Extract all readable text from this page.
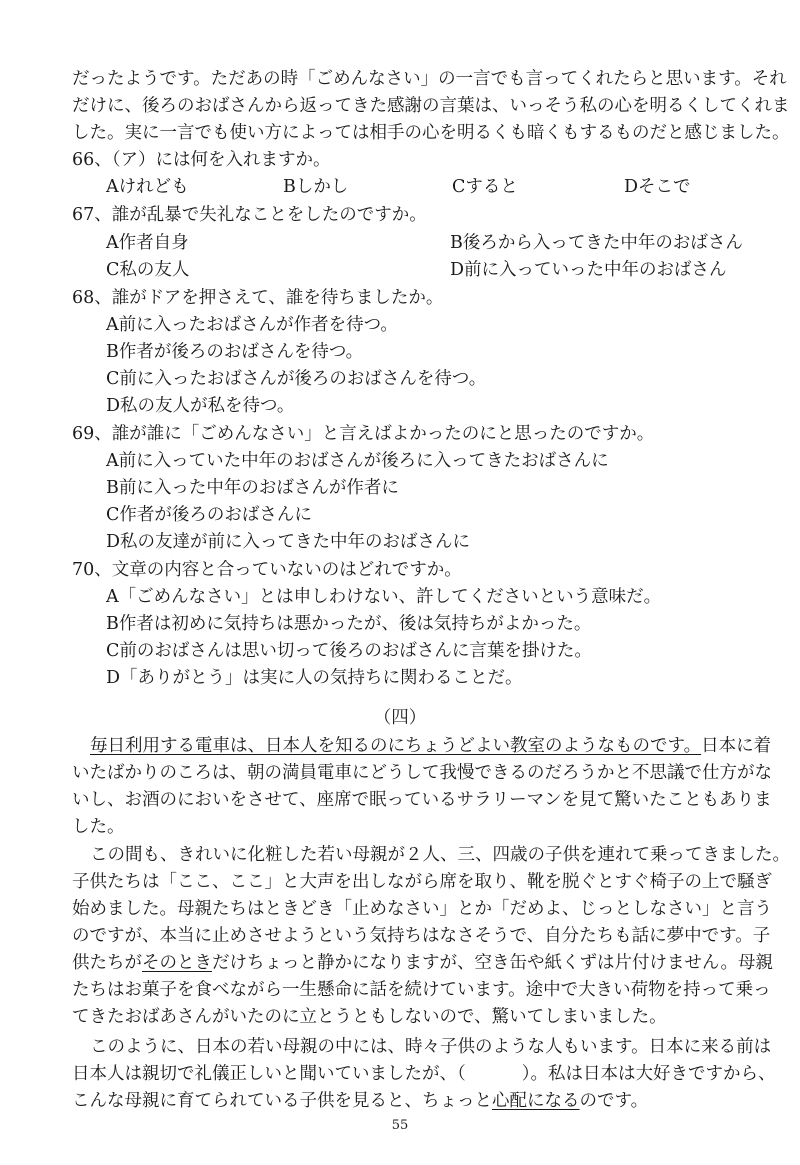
だったようです。ただあの時「ごめんなさい」の一言でも言ってくれたらと思います。それ
だけに、後ろのおばさんから返ってきた感謝の言葉は、いっそう私の心を明るくしてくれま
した。実に一言でも使い方によっては相手の心を明るくも暗くもするものだと感じました。

66、（ア）には何を入れますか。

Aけれども	Bしかし	Cすると	Dそこで

67、誰が乱暴で失礼なことをしたのですか。

A作者自身	B後ろから入ってきた中年のおばさん

C私の友人	D前に入っていった中年のおばさん

68、誰がドアを押さえて、誰を待ちましたか。

A前に入ったおばさんが作者を待つ。

B作者が後ろのおばさんを待つ。

C前に入ったおばさんが後ろのおばさんを待つ。

D私の友人が私を待つ。

69、誰が誰に「ごめんなさい」と言えばよかったのにと思ったのですか。

A前に入っていた中年のおばさんが後ろに入ってきたおばさんに

B前に入った中年のおばさんが作者に

C作者が後ろのおばさんに

D私の友達が前に入ってきた中年のおばさんに

70、文章の内容と合っていないのはどれですか。

A「ごめんなさい」とは申しわけない、許してくださいという意味だ。

B作者は初めに気持ちは悪かったが、後は気持ちがよかった。

C前のおばさんは思い切って後ろのおばさんに言葉を掛けた。

D「ありがとう」は実に人の気持ちに関わることだ。

（四）

毎日利用する電車は、日本人を知るのにちょうどよい教室のようなものです。日本に着
いたばかりのころは、朝の満員電車にどうして我慢できるのだろうかと不思議で仕方がな
いし、お酒のにおいをさせて、座席で眠っているサラリーマンを見て驚いたこともありま
した。
この間も、きれいに化粧した若い母親が２人、三、四歳の子供を連れて乗ってきました。
子供たちは「ここ、ここ」と大声を出しながら席を取り、靴を脱ぐとすぐ椅子の上で騒ぎ
始めました。母親たちはときどき「止めなさい」とか「だめよ、じっとしなさい」と言う
のですが、本当に止めさせようという気持ちはなさそうで、自分たちも話に夢中です。子
供たちがそのときだけちょっと静かになりますが、空き缶や紙くずは片付けません。母親
たちはお菓子を食べながら一生懸命に話を続けています。途中で大きい荷物を持って乗っ
てきたおばあさんがいたのに立とうともしないので、驚いてしまいました。
このように、日本の若い母親の中には、時々子供のような人もいます。日本に来る前は
日本人は親切で礼儀正しいと聞いていましたが、（	）。私は日本は大好きですから、
こんな母親に育てられている子供を見ると、ちょっと心配になるのです。

55
